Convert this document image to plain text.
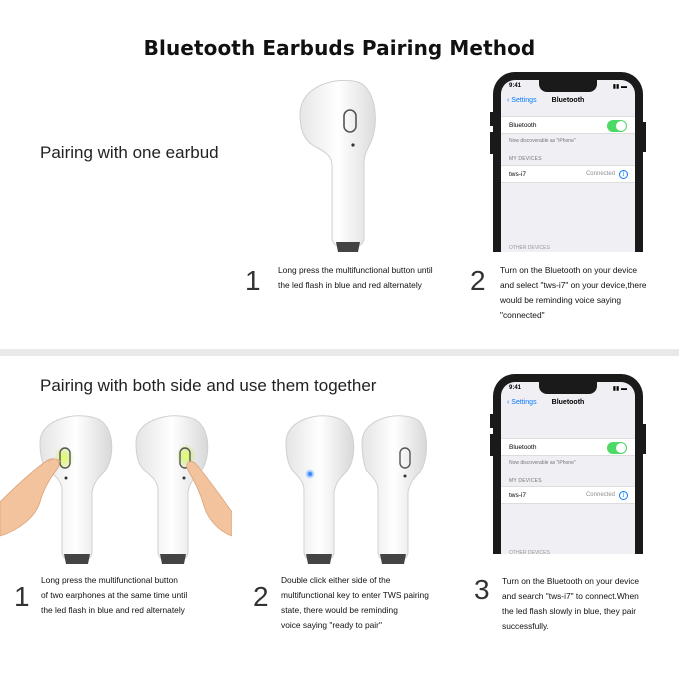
Bluetooth Earbuds Pairing Method
Pairing with one earbud
1 Long press the multifunctional button until
the led flash in blue and red alternately
9:41	▮▮ ▬
‹ Settings	Bluetooth
Bluetooth
Now discoverable as "iPhone"
MY DEVICES
tws-i7	Connected	i
OTHER DEVICES
2 Turn on the Bluetooth on your device
and select "tws-i7" on your device,there
would be reminding voice saying
"connected"
Pairing with both side and use them together
1
Long press the multifunctional button
of two earphones at the same time until
the led flash in blue and red alternately 2
Double click either side of the
multifunctional key to enter TWS pairing
state, there would be reminding
voice saying "ready to pair"
9:41	▮▮ ▬
‹ Settings	Bluetooth
Bluetooth
Now discoverable as "iPhone"
MY DEVICES
tws-i7	Connected	i
OTHER DEVICES
3 Turn on the Bluetooth on your device
and search "tws-i7" to connect.When
the led flash slowly in blue, they pair
successfully.
